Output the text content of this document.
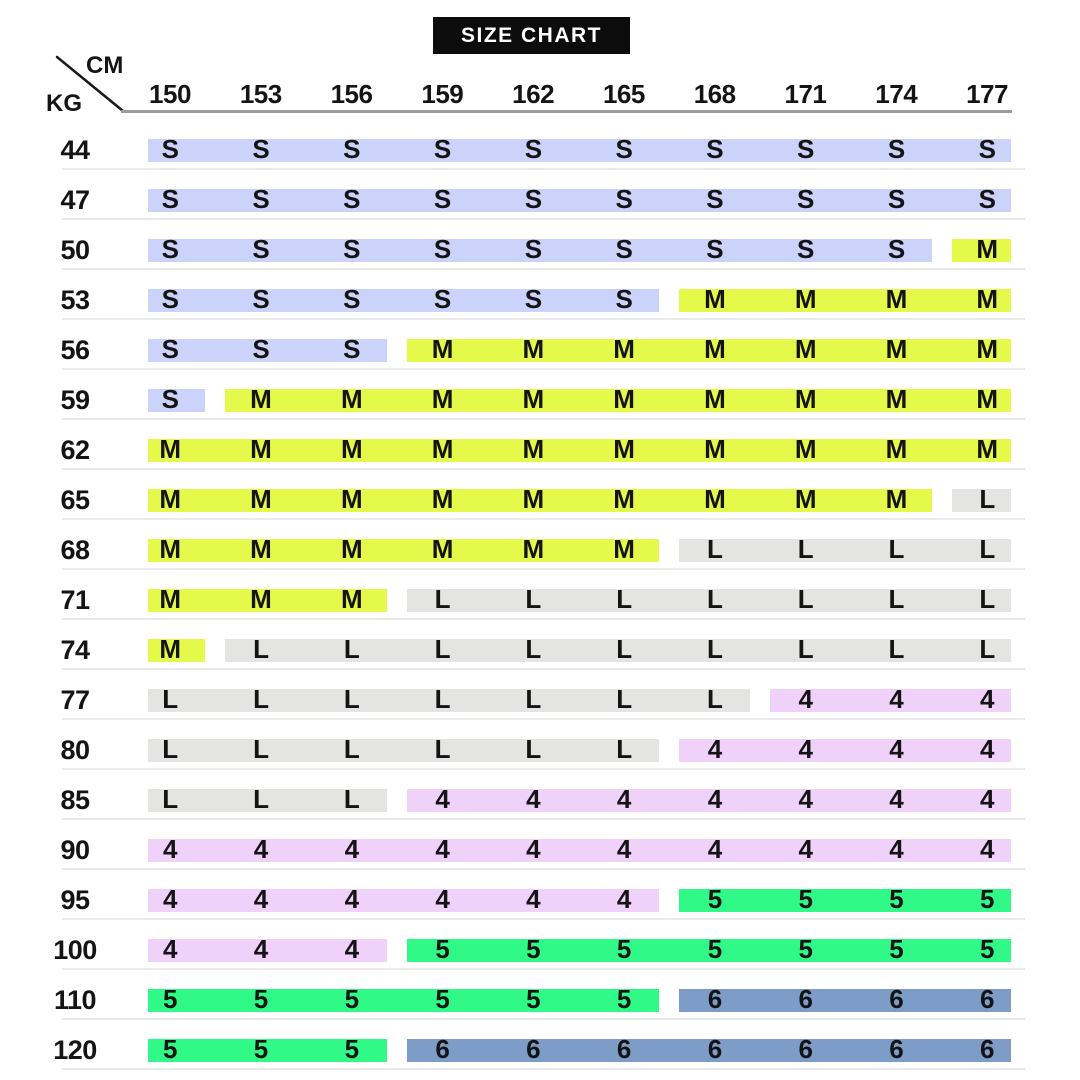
SIZE CHART
CM
KG	150	153	156	159	162	165	168	171	174	177
44	S	S	S	S	S	S	S	S	S	S
47	S	S	S	S	S	S	S	S	S	S
50	S	S	S	S	S	S	S	S	S	M
53	S	S	S	S	S	S	M	M	M	M
56	S	S	S	M	M	M	M	M	M	M
59	S	M	M	M	M	M	M	M	M	M
62	M	M	M	M	M	M	M	M	M	M
65	M	M	M	M	M	M	M	M	M	L
68	M	M	M	M	M	M	L	L	L	L
71	M	M	M	L	L	L	L	L	L	L
74	M	L	L	L	L	L	L	L	L	L
77	L	L	L	L	L	L	L	4	4	4
80	L	L	L	L	L	L	4	4	4	4
85	L	L	L	4	4	4	4	4	4	4
90	4	4	4	4	4	4	4	4	4	4
95	4	4	4	4	4	4	5	5	5	5
100	4	4	4	5	5	5	5	5	5	5
110	5	5	5	5	5	5	6	6	6	6
120	5	5	5	6	6	6	6	6	6	6
